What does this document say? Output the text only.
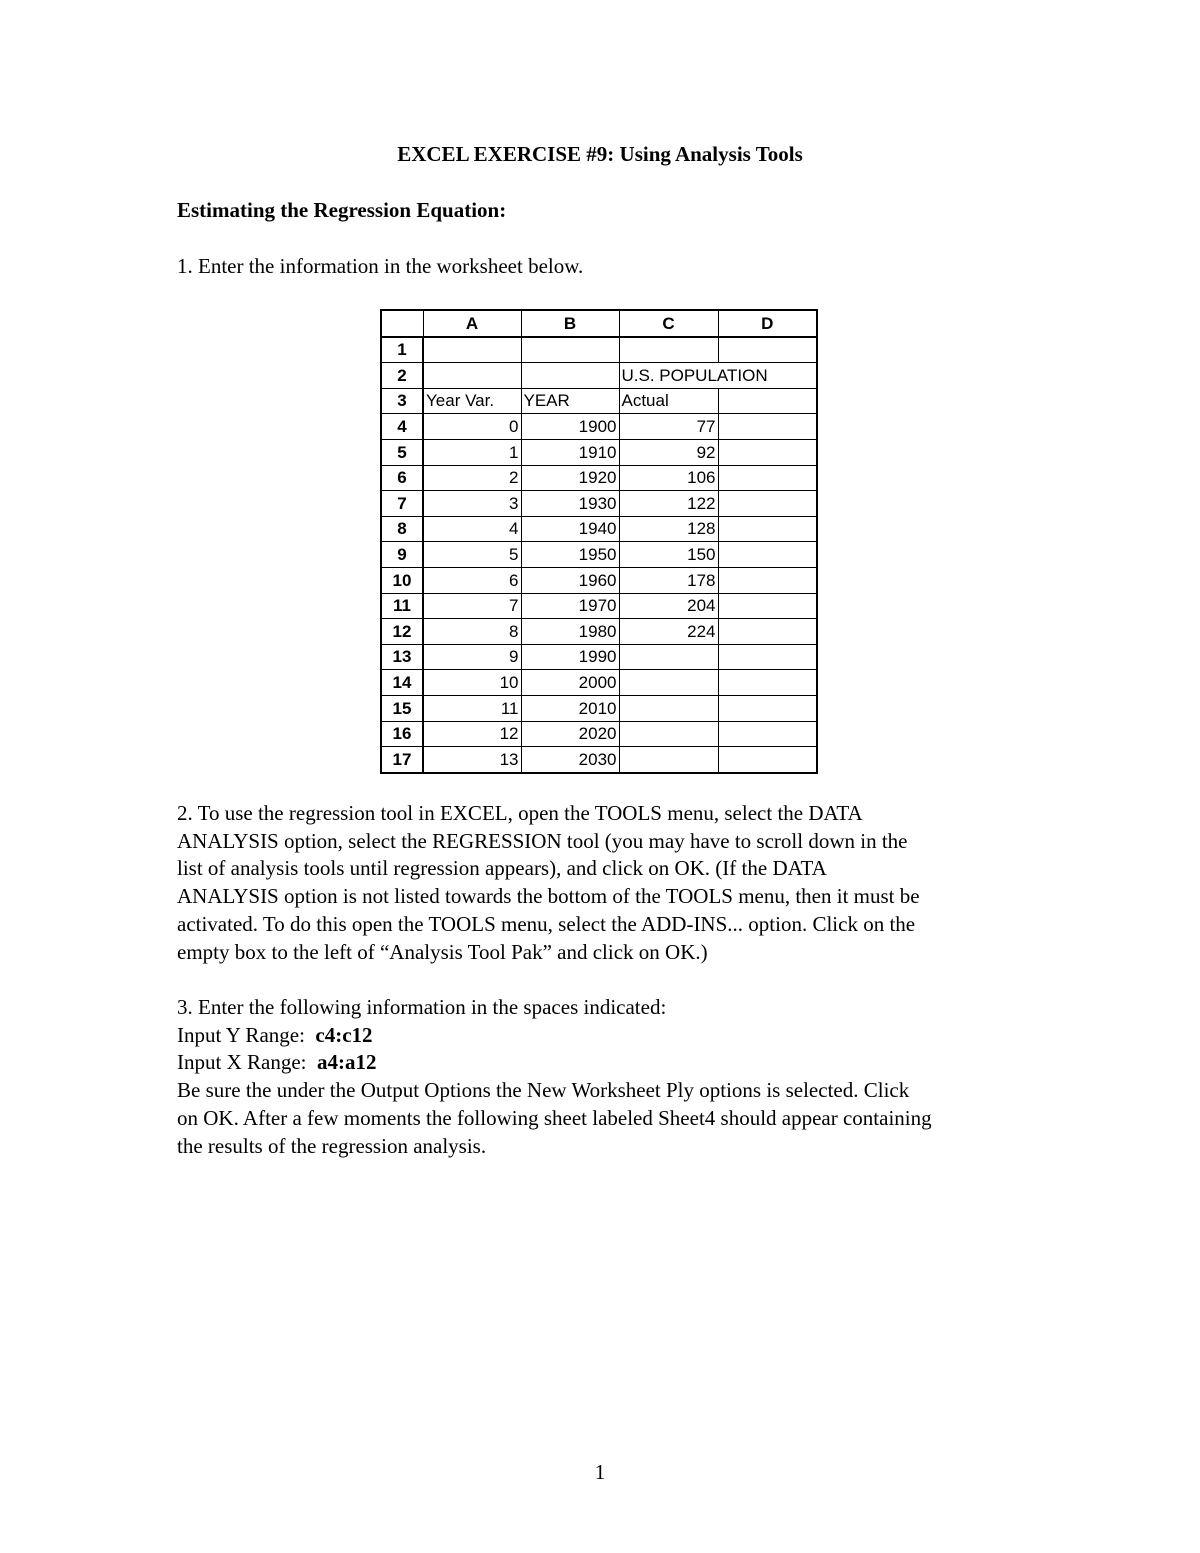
EXCEL EXERCISE #9: Using Analysis Tools
Estimating the Regression Equation:
1. Enter the information in the worksheet below.
	A	B	C	D
1				
2			U.S. POPULATION	
3	Year Var.	YEAR	Actual	
4	0	1900	77	
5	1	1910	92	
6	2	1920	106	
7	3	1930	122	
8	4	1940	128	
9	5	1950	150	
10	6	1960	178	
11	7	1970	204	
12	8	1980	224	
13	9	1990		
14	10	2000		
15	11	2010		
16	12	2020		
17	13	2030		
2. To use the regression tool in EXCEL, open the TOOLS menu, select the DATA
ANALYSIS option, select the REGRESSION tool (you may have to scroll down in the
list of analysis tools until regression appears), and click on OK. (If the DATA
ANALYSIS option is not listed towards the bottom of the TOOLS menu, then it must be
activated. To do this open the TOOLS menu, select the ADD-INS... option. Click on the
empty box to the left of “Analysis Tool Pak” and click on OK.)
3. Enter the following information in the spaces indicated:
Input Y Range:  c4:c12
Input X Range:  a4:a12
Be sure the under the Output Options the New Worksheet Ply options is selected. Click
on OK. After a few moments the following sheet labeled Sheet4 should appear containing
the results of the regression analysis.
1
